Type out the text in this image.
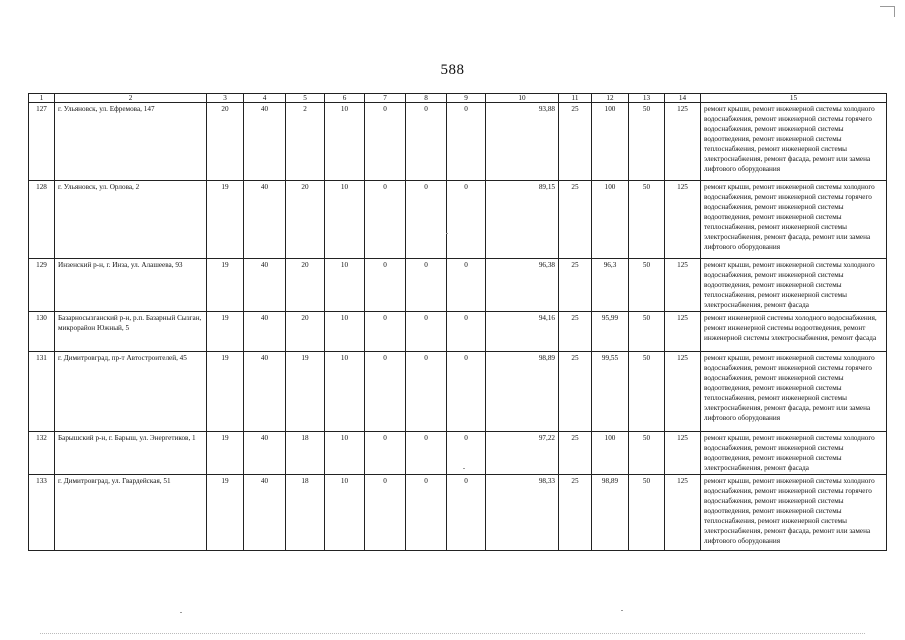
588
1	2	3	4	5	6	7	8	9	10	11	12	13	14	15
127	г. Ульяновск, ул. Ефремова, 147	20	40	2	10	0	0	0	93,88	25	100	50	125	ремонт крыши, ремонт инженерной системы холодного водоснабжения, ремонт инженерной системы горячего водоснабжения, ремонт инженерной системы водоотведения, ремонт инженерной системы теплоснабжения, ремонт инженерной системы электроснабжения, ремонт фасада, ремонт или замена лифтового оборудования
128	г. Ульяновск, ул. Орлова, 2	19	40	20	10	0	0	0	89,15	25	100	50	125	ремонт крыши, ремонт инженерной системы холодного водоснабжения, ремонт инженерной системы горячего водоснабжения, ремонт инженерной системы водоотведения, ремонт инженерной системы теплоснабжения, ремонт инженерной системы электроснабжения, ремонт фасада, ремонт или замена лифтового оборудования
129	Инзенский р-н, г. Инза, ул. Алашеева, 93	19	40	20	10	0	0	0	96,38	25	96,3	50	125	ремонт крыши, ремонт инженерной системы холодного водоснабжения, ремонт инженерной системы водоотведения, ремонт инженерной системы теплоснабжения, ремонт инженерной системы электроснабжения, ремонт фасада
130	Базарносызганский р-н, р.п. Базарный Сызган, микрорайон Южный, 5	19	40	20	10	0	0	0	94,16	25	95,99	50	125	ремонт инженерной системы холодного водоснабжения, ремонт инженерной системы водоотведения, ремонт инженерной системы электроснабжения, ремонт фасада
131	г. Димитровград, пр-т Автостроителей, 45	19	40	19	10	0	0	0	98,89	25	99,55	50	125	ремонт крыши, ремонт инженерной системы холодного водоснабжения, ремонт инженерной системы горячего водоснабжения, ремонт инженерной системы водоотведения, ремонт инженерной системы теплоснабжения, ремонт инженерной системы электроснабжения, ремонт фасада, ремонт или замена лифтового оборудования
132	Барышский р-н, г. Барыш, ул. Энергетиков, 1	19	40	18	10	0	0	0	97,22	25	100	50	125	ремонт крыши, ремонт инженерной системы холодного водоснабжения, ремонт инженерной системы водоотведения, ремонт инженерной системы электроснабжения, ремонт фасада
133	г. Димитровград, ул. Гвардейская, 51	19	40	18	10	0	0	0	98,33	25	98,89	50	125	ремонт крыши, ремонт инженерной системы холодного водоснабжения, ремонт инженерной системы горячего водоснабжения, ремонт инженерной системы водоотведения, ремонт инженерной системы теплоснабжения, ремонт инженерной системы электроснабжения, ремонт фасада, ремонт или замена лифтового оборудования
